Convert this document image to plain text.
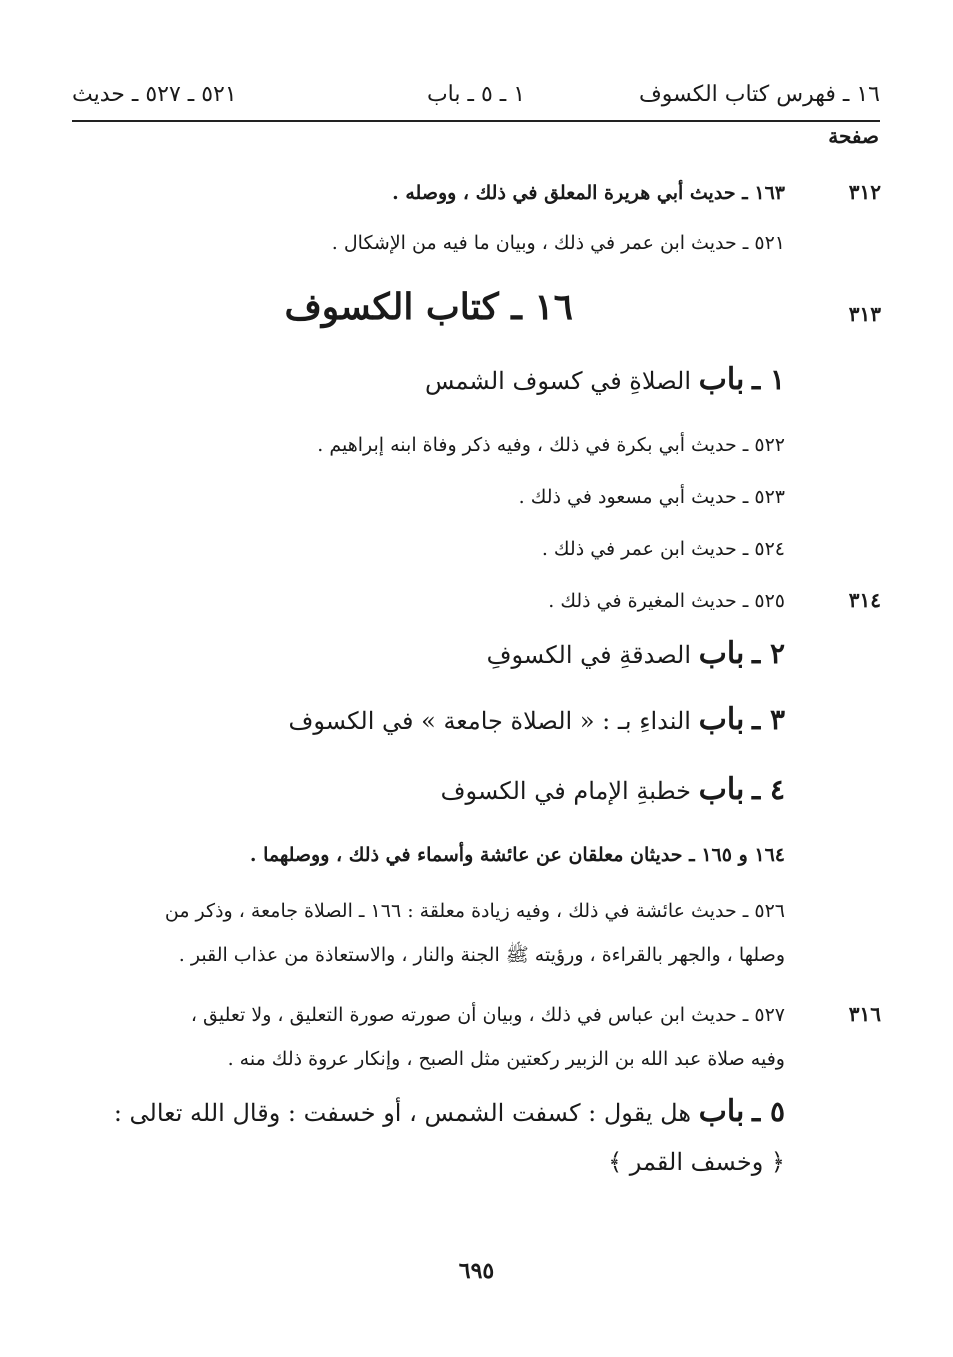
١٦ ـ فهرس كتاب الكسوف
١ ـ ٥ ـ باب
٥٢١ ـ ٥٢٧ ـ حديث
صفحة
٣١٢
١٦٣ ـ حديث أبي هريرة المعلق في ذلك ، ووصله .
٥٢١ ـ حديث ابن عمر في ذلك ، وبيان ما فيه من الإشكال .
٣١٣
١٦ ـ كتاب الكسوف
١ ـ باب الصلاةِ في كسوف الشمس
٥٢٢ ـ حديث أبي بكرة في ذلك ، وفيه ذكر وفاة ابنه إبراهيم .
٥٢٣ ـ حديث أبي مسعود في ذلك .
٥٢٤ ـ حديث ابن عمر في ذلك .
٣١٤
٥٢٥ ـ حديث المغيرة في ذلك .
٢ ـ باب الصدقةِ في الكسوفِ
٣ ـ باب النداءِ بـ : « الصلاة جامعة » في الكسوف
٤ ـ باب خطبةِ الإمام في الكسوف
١٦٤ و ١٦٥ ـ حديثان معلقان عن عائشة وأسماء في ذلك ، ووصلهما .
٥٢٦ ـ حديث عائشة في ذلك ، وفيه زيادة معلقة : ١٦٦ ـ الصلاة جامعة ، وذكر من
وصلها ، والجهر بالقراءة ، ورؤيته ﷺ الجنة والنار ، والاستعاذة من عذاب القبر .
٣١٦
٥٢٧ ـ حديث ابن عباس في ذلك ، وبيان أن صورته صورة التعليق ، ولا تعليق ،
وفيه صلاة عبد الله بن الزبير ركعتين مثل الصبح ، وإنكار عروة ذلك منه .
٥ ـ باب هل يقول : كسفت الشمس ، أو خسفت : وقال الله تعالى :
﴿ وخسف القمر ﴾
٦٩٥
